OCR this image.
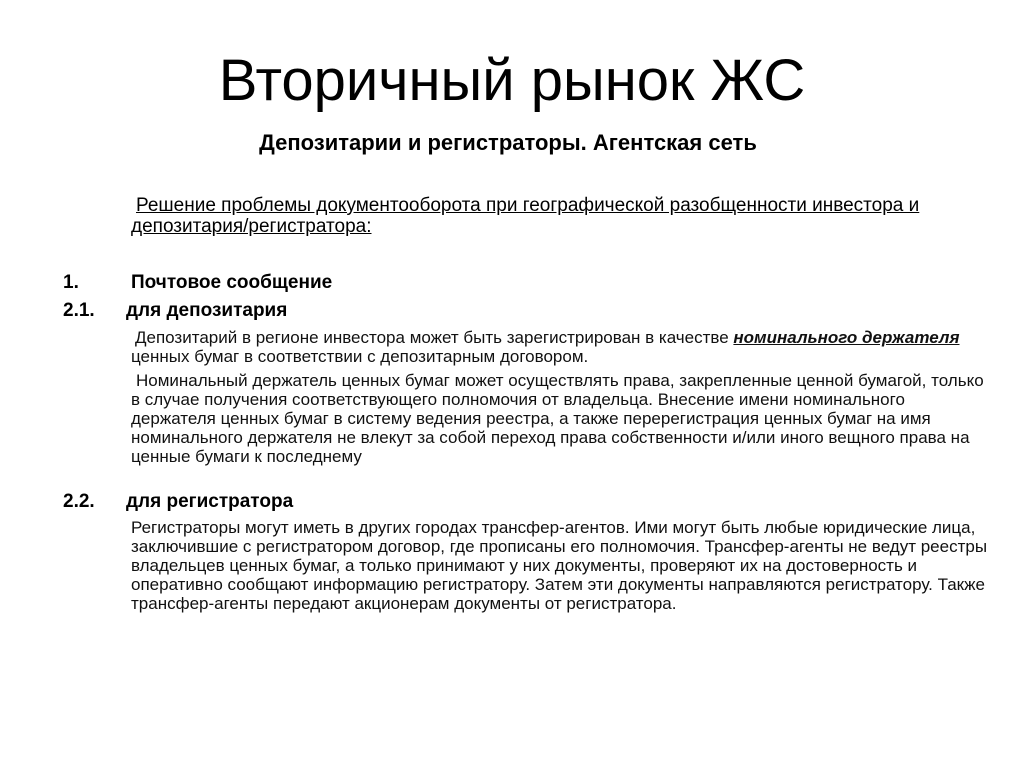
Вторичный рынок ЖС
Депозитарии и регистраторы. Агентская сеть

Решение проблемы документооборота при географической разобщенности инвестора и депозитария/регистратора:

1.	Почтовое сообщение
2.1. для депозитария

Депозитарий в регионе инвестора может быть зарегистрирован в качестве номинального держателя ценных бумаг в соответствии с депозитарным договором.

Номинальный держатель ценных бумаг может осуществлять права, закрепленные ценной бумагой, только в случае получения соответствующего полномочия от владельца. Внесение имени номинального держателя ценных бумаг в систему ведения реестра, а также перерегистрация ценных бумаг на имя номинального держателя не влекут за собой переход права собственности и/или иного вещного права на ценные бумаги к последнему

2.2. для регистратора

Регистраторы могут иметь в других городах трансфер-агентов. Ими могут быть любые юридические лица, заключившие с регистратором договор, где прописаны его полномочия. Трансфер-агенты не ведут реестры владельцев ценных бумаг, а только принимают у них документы, проверяют их на достоверность и оперативно сообщают информацию регистратору. Затем эти документы направляются регистратору. Также трансфер-агенты передают акционерам документы от регистратора.
